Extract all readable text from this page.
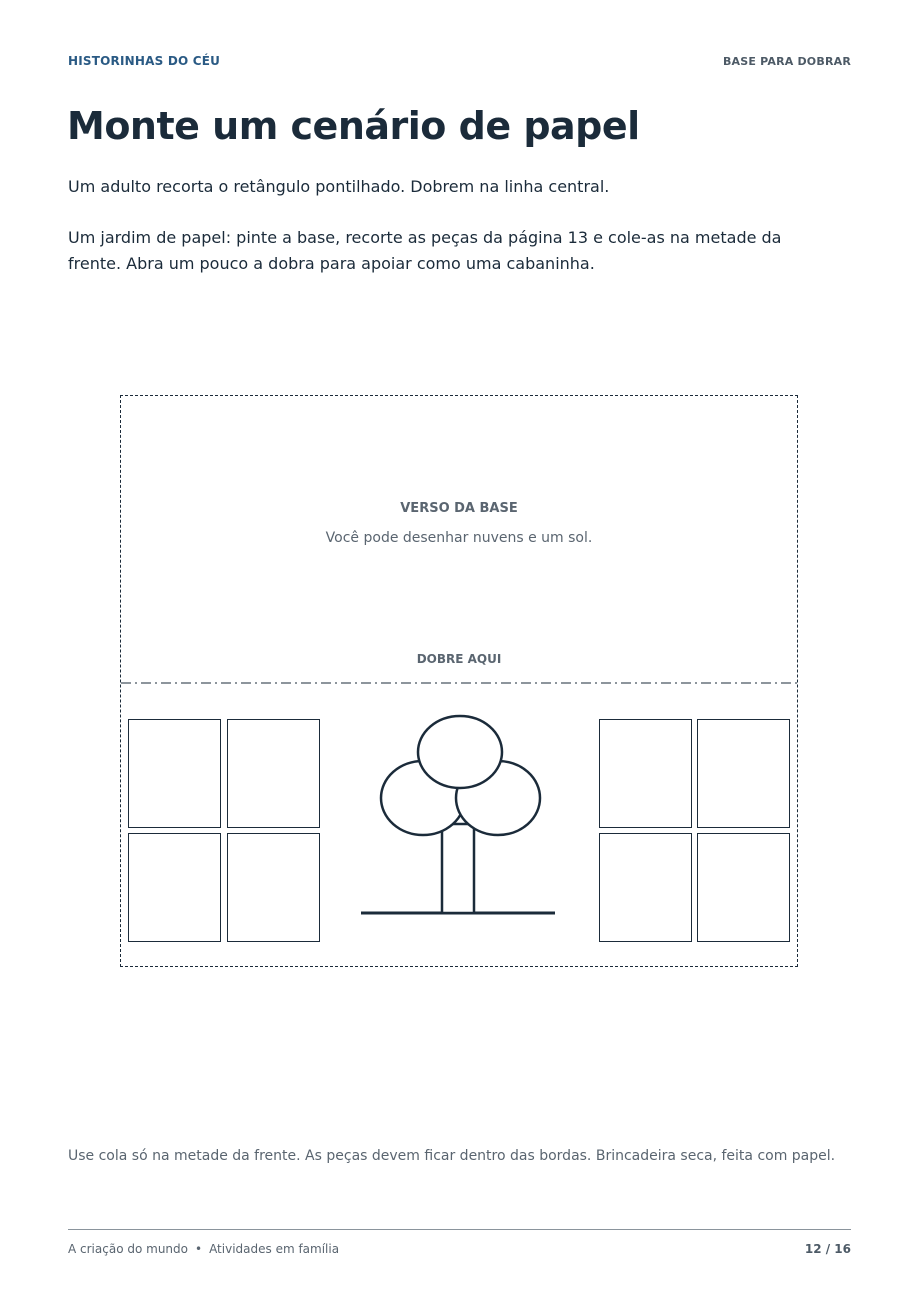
HISTORINHAS DO CÉU	BASE PARA DOBRAR
Monte um cenário de papel

Um adulto recorta o retângulo pontilhado. Dobrem na linha central.

Um jardim de papel: pinte a base, recorte as peças da página 13 e cole-as na metade da frente. Abra um pouco a dobra para apoiar como uma cabaninha.

VERSO DA BASE
Você pode desenhar nuvens e um sol.
DOBRE AQUI
Use cola só na metade da frente. As peças devem ficar dentro das bordas. Brincadeira seca, feita com papel.
A criação do mundo • Atividades em família	12 / 16
